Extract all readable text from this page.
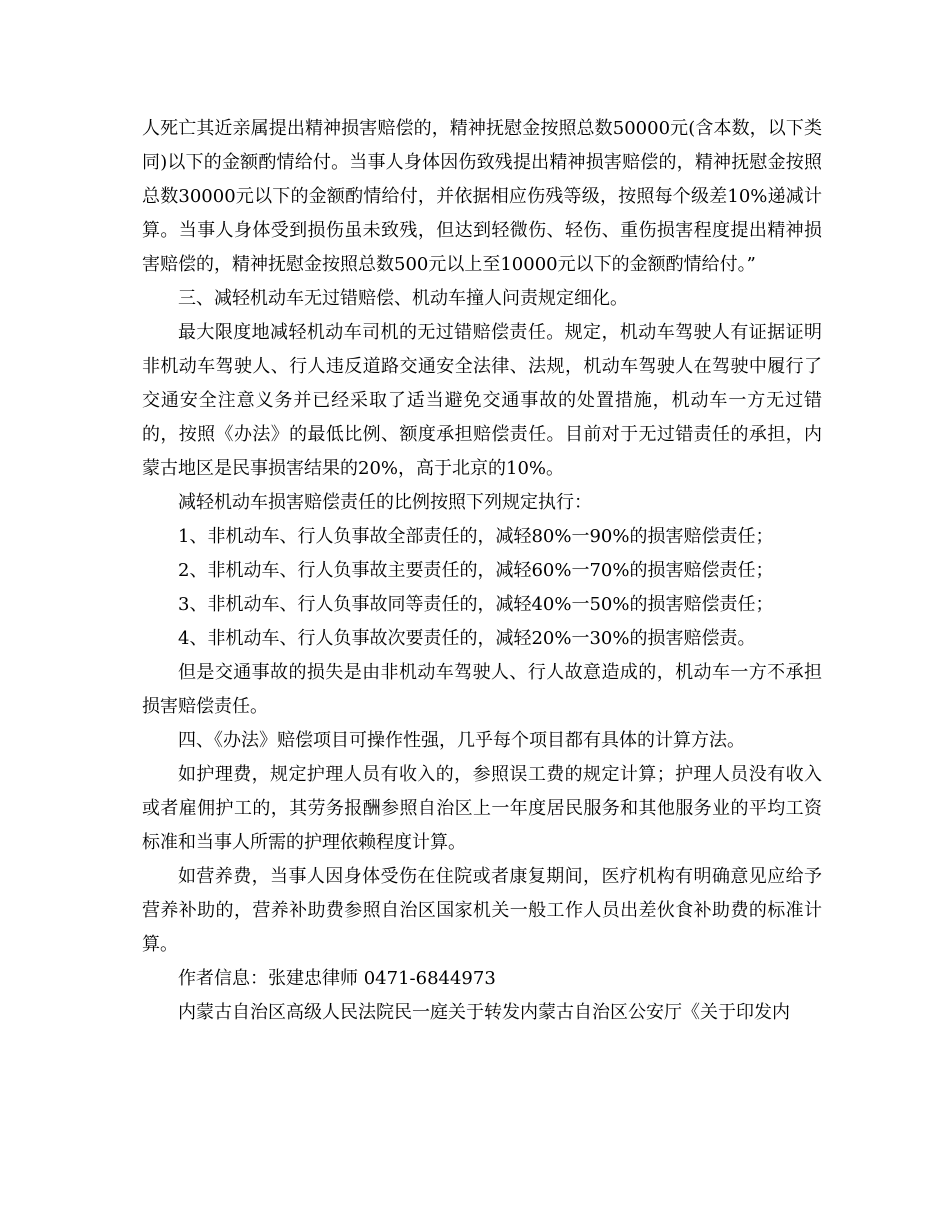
人死亡其近亲属提出精神损害赔偿的，精神抚慰金按照总数50000元(含本数，以下类同)以下的金额酌情给付。当事人身体因伤致残提出精神损害赔偿的，精神抚慰金按照总数30000元以下的金额酌情给付，并依据相应伤残等级，按照每个级差10%递减计算。当事人身体受到损伤虽未致残，但达到轻微伤、轻伤、重伤损害程度提出精神损害赔偿的，精神抚慰金按照总数500元以上至10000元以下的金额酌情给付。”

三、减轻机动车无过错赔偿、机动车撞人问责规定细化。

最大限度地减轻机动车司机的无过错赔偿责任。规定，机动车驾驶人有证据证明非机动车驾驶人、行人违反道路交通安全法律、法规，机动车驾驶人在驾驶中履行了交通安全注意义务并已经采取了适当避免交通事故的处置措施，机动车一方无过错的，按照《办法》的最低比例、额度承担赔偿责任。目前对于无过错责任的承担，内蒙古地区是民事损害结果的20%，高于北京的10%。

减轻机动车损害赔偿责任的比例按照下列规定执行：

1、非机动车、行人负事故全部责任的，减轻80%一90%的损害赔偿责任；

2、非机动车、行人负事故主要责任的，减轻60%一70%的损害赔偿责任；

3、非机动车、行人负事故同等责任的，减轻40%一50%的损害赔偿责任；

4、非机动车、行人负事故次要责任的，减轻20%一30%的损害赔偿责。

但是交通事故的损失是由非机动车驾驶人、行人故意造成的，机动车一方不承担损害赔偿责任。

四、《办法》赔偿项目可操作性强，几乎每个项目都有具体的计算方法。

如护理费，规定护理人员有收入的，参照误工费的规定计算；护理人员没有收入或者雇佣护工的，其劳务报酬参照自治区上一年度居民服务和其他服务业的平均工资标准和当事人所需的护理依赖程度计算。

如营养费，当事人因身体受伤在住院或者康复期间，医疗机构有明确意见应给予营养补助的，营养补助费参照自治区国家机关一般工作人员出差伙食补助费的标准计算。

作者信息：张建忠律师 0471-6844973

内蒙古自治区高级人民法院民一庭关于转发内蒙古自治区公安厅《关于印发内
